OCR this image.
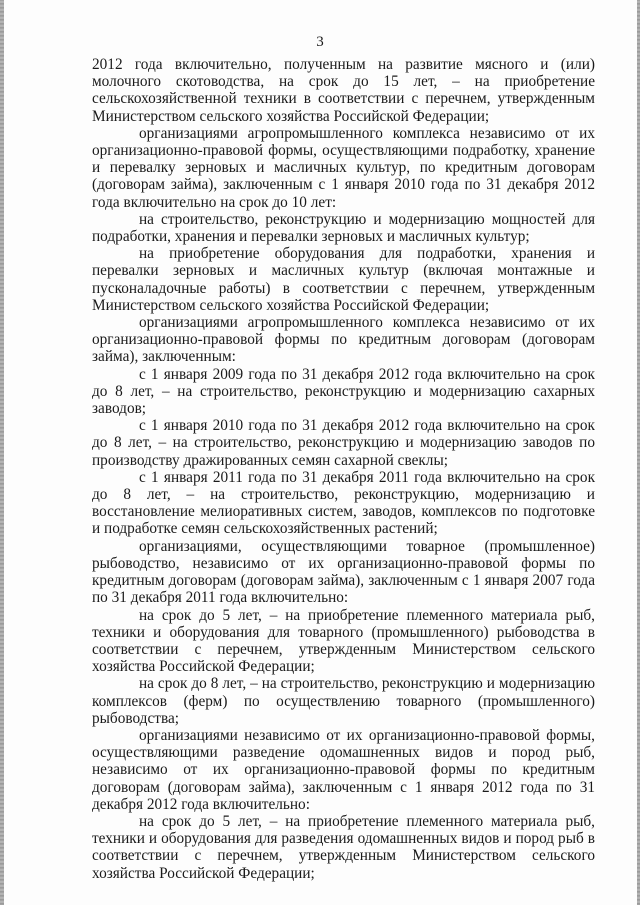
3

2012 года включительно, полученным на развитие мясного и (или) молочного скотоводства, на срок до 15 лет, – на приобретение сельскохозяйственной техники в соответствии с перечнем, утвержденным Министерством сельского хозяйства Российской Федерации;

организациями агропромышленного комплекса независимо от их организационно-правовой формы, осуществляющими подработку, хранение и перевалку зерновых и масличных культур, по кредитным договорам (договорам займа), заключенным с 1 января 2010 года по 31 декабря 2012 года включительно на срок до 10 лет:

на строительство, реконструкцию и модернизацию мощностей для подработки, хранения и перевалки зерновых и масличных культур;

на приобретение оборудования для подработки, хранения и перевалки зерновых и масличных культур (включая монтажные и пусконаладочные работы) в соответствии с перечнем, утвержденным Министерством сельского хозяйства Российской Федерации;

организациями агропромышленного комплекса независимо от их организационно-правовой формы по кредитным договорам (договорам займа), заключенным:

с 1 января 2009 года по 31 декабря 2012 года включительно на срок до 8 лет, – на строительство, реконструкцию и модернизацию сахарных заводов;

с 1 января 2010 года по 31 декабря 2012 года включительно на срок до 8 лет, – на строительство, реконструкцию и модернизацию заводов по производству дражированных семян сахарной свеклы;

с 1 января 2011 года по 31 декабря 2011 года включительно на срок до 8 лет, – на строительство, реконструкцию, модернизацию и восстановление мелиоративных систем, заводов, комплексов по подготовке и подработке семян сельскохозяйственных растений;

организациями, осуществляющими товарное (промышленное) рыбоводство, независимо от их организационно-правовой формы по кредитным договорам (договорам займа), заключенным с 1 января 2007 года по 31 декабря 2011 года включительно:

на срок до 5 лет, – на приобретение племенного материала рыб, техники и оборудования для товарного (промышленного) рыбоводства в соответствии с перечнем, утвержденным Министерством сельского хозяйства Российской Федерации;

на срок до 8 лет, – на строительство, реконструкцию и модернизацию комплексов (ферм) по осуществлению товарного (промышленного) рыбоводства;

организациями независимо от их организационно-правовой формы, осуществляющими разведение одомашненных видов и пород рыб, независимо от их организационно-правовой формы по кредитным договорам (договорам займа), заключенным с 1 января 2012 года по 31 декабря 2012 года включительно:

на срок до 5 лет, – на приобретение племенного материала рыб, техники и оборудования для разведения одомашненных видов и пород рыб в соответствии с перечнем, утвержденным Министерством сельского хозяйства Российской Федерации;
